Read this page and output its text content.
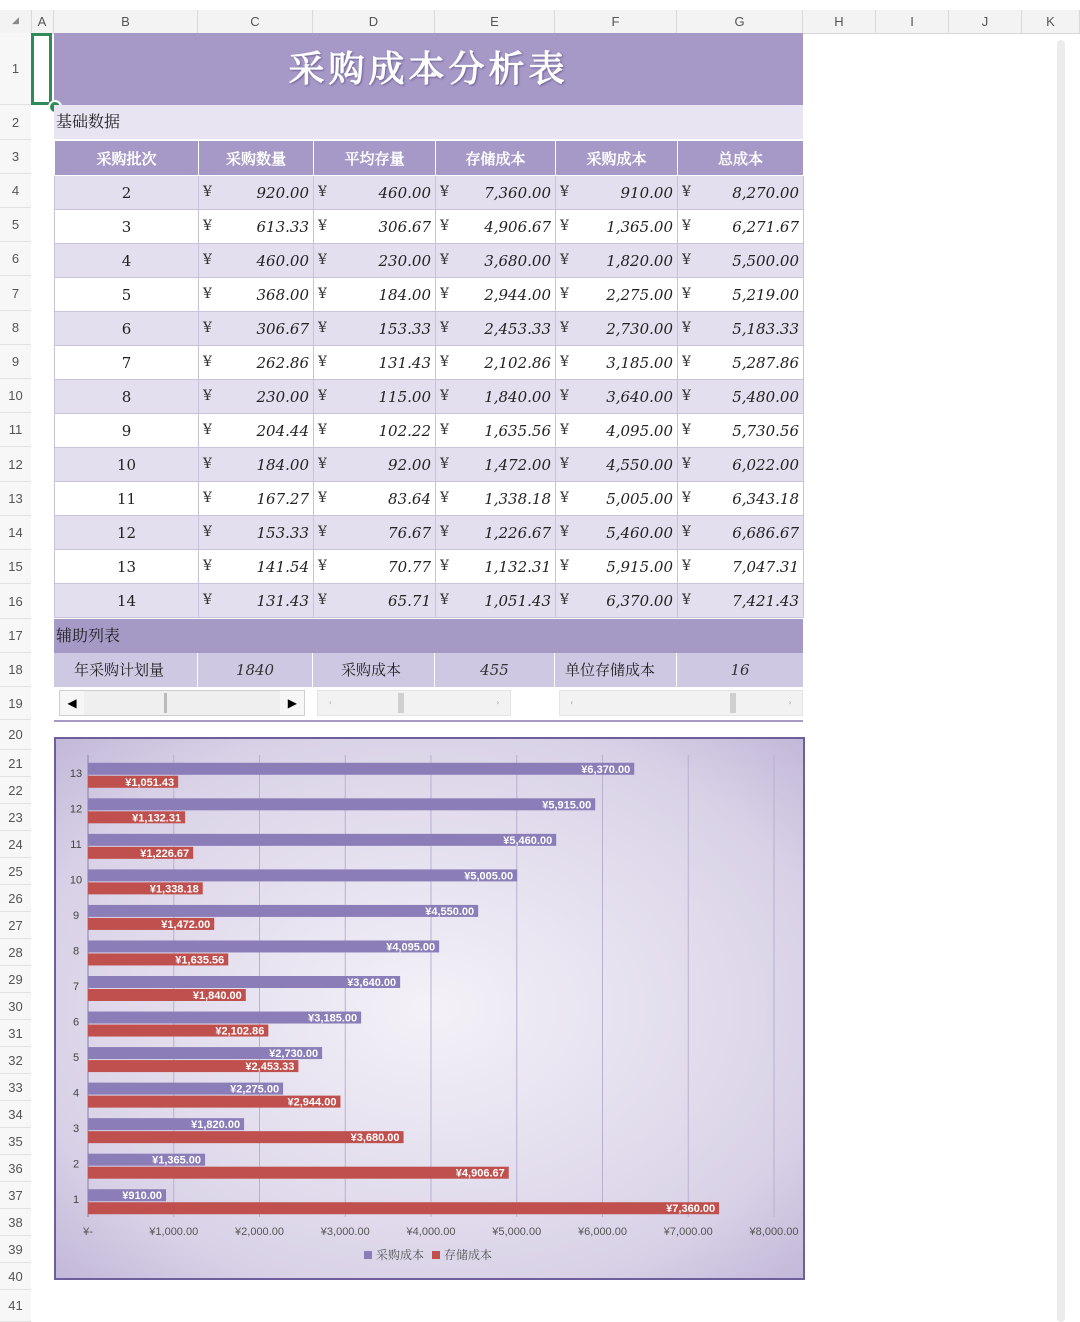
◢	A	B	C	D	E	F	G	H	I	J	K
1
2
3
4
5
6
7
8
9
10
11
12
13
14
15
16
17
18
19
20
21
22
23
24
25
26
27
28
29
30
31
32
33
34
35
36
37
38
39
40
41
采购成本分析表
基础数据
采购批次	采购数量	平均存量	存储成本	采购成本	总成本
2	¥ 920.00	¥ 460.00	¥ 7,360.00	¥ 910.00	¥ 8,270.00

3	¥ 613.33	¥ 306.67	¥ 4,906.67	¥ 1,365.00	¥ 6,271.67

4	¥ 460.00	¥ 230.00	¥ 3,680.00	¥ 1,820.00	¥ 5,500.00

5	¥ 368.00	¥ 184.00	¥ 2,944.00	¥ 2,275.00	¥ 5,219.00

6	¥ 306.67	¥ 153.33	¥ 2,453.33	¥ 2,730.00	¥ 5,183.33

7	¥ 262.86	¥ 131.43	¥ 2,102.86	¥ 3,185.00	¥ 5,287.86

8	¥ 230.00	¥ 115.00	¥ 1,840.00	¥ 3,640.00	¥ 5,480.00

9	¥ 204.44	¥ 102.22	¥ 1,635.56	¥ 4,095.00	¥ 5,730.56

10	¥ 184.00	¥ 92.00	¥ 1,472.00	¥ 4,550.00	¥ 6,022.00

11	¥ 167.27	¥ 83.64	¥ 1,338.18	¥ 5,005.00	¥ 6,343.18

12	¥ 153.33	¥ 76.67	¥ 1,226.67	¥ 5,460.00	¥ 6,686.67

13	¥ 141.54	¥ 70.77	¥ 1,132.31	¥ 5,915.00	¥ 7,047.31

14	¥ 131.43	¥ 65.71	¥ 1,051.43	¥ 6,370.00	¥ 7,421.43
辅助列表
年采购计划量	1840	采购成本	455	单位存储成本	16
◀	▶	‹	›	‹	›
¥-	¥1,000.00	¥2,000.00	¥3,000.00	¥4,000.00	¥5,000.00	¥6,000.00	¥7,000.00	¥8,000.00
¥910.00
¥7,360.00
1
¥1,365.00
¥4,906.67
2
¥1,820.00
¥3,680.00
3
¥2,275.00
¥2,944.00
4
¥2,730.00
¥2,453.33
5
¥3,185.00
¥2,102.86
6
¥3,640.00
¥1,840.00
7
¥4,095.00
¥1,635.56
8
¥4,550.00
¥1,472.00
9
¥5,005.00
¥1,338.18
10
¥5,460.00
¥1,226.67
11
¥5,915.00
¥1,132.31
12
¥6,370.00
¥1,051.43
13
采购成本 存储成本
